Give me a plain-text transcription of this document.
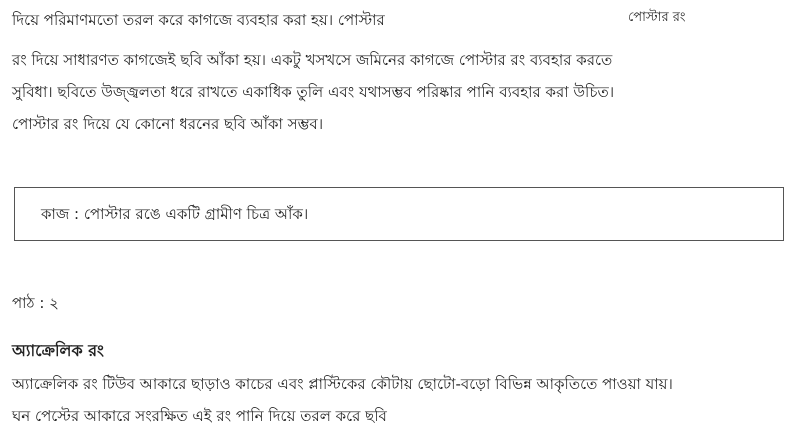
পোস্টার রং
দিয়ে পরিমাণমতো তরল করে কাগজে ব্যবহার করা হয়। পোস্টার
রং দিয়ে সাধারণত কাগজেই ছবি আঁকা হয়। একটু খসখসে জমিনের কাগজে পোস্টার রং ব্যবহার করতে
সুবিধা। ছবিতে উজ্জ্বলতা ধরে রাখতে একাধিক তুলি এবং যথাসম্ভব পরিষ্কার পানি ব্যবহার করা উচিত।
পোস্টার রং দিয়ে যে কোনো ধরনের ছবি আঁকা সম্ভব।
কাজ : পোস্টার রঙে একটি গ্রামীণ চিত্র আঁক।
পাঠ : ২
অ্যাক্রেলিক রং
অ্যাক্রেলিক রং টিউব আকারে ছাড়াও কাচের এবং প্লাস্টিকের কৌটায় ছোটো-বড়ো বিভিন্ন আকৃতিতে পাওয়া যায়।
ঘন পেস্টের আকারে সংরক্ষিত এই রং পানি দিয়ে তরল করে ছবি
